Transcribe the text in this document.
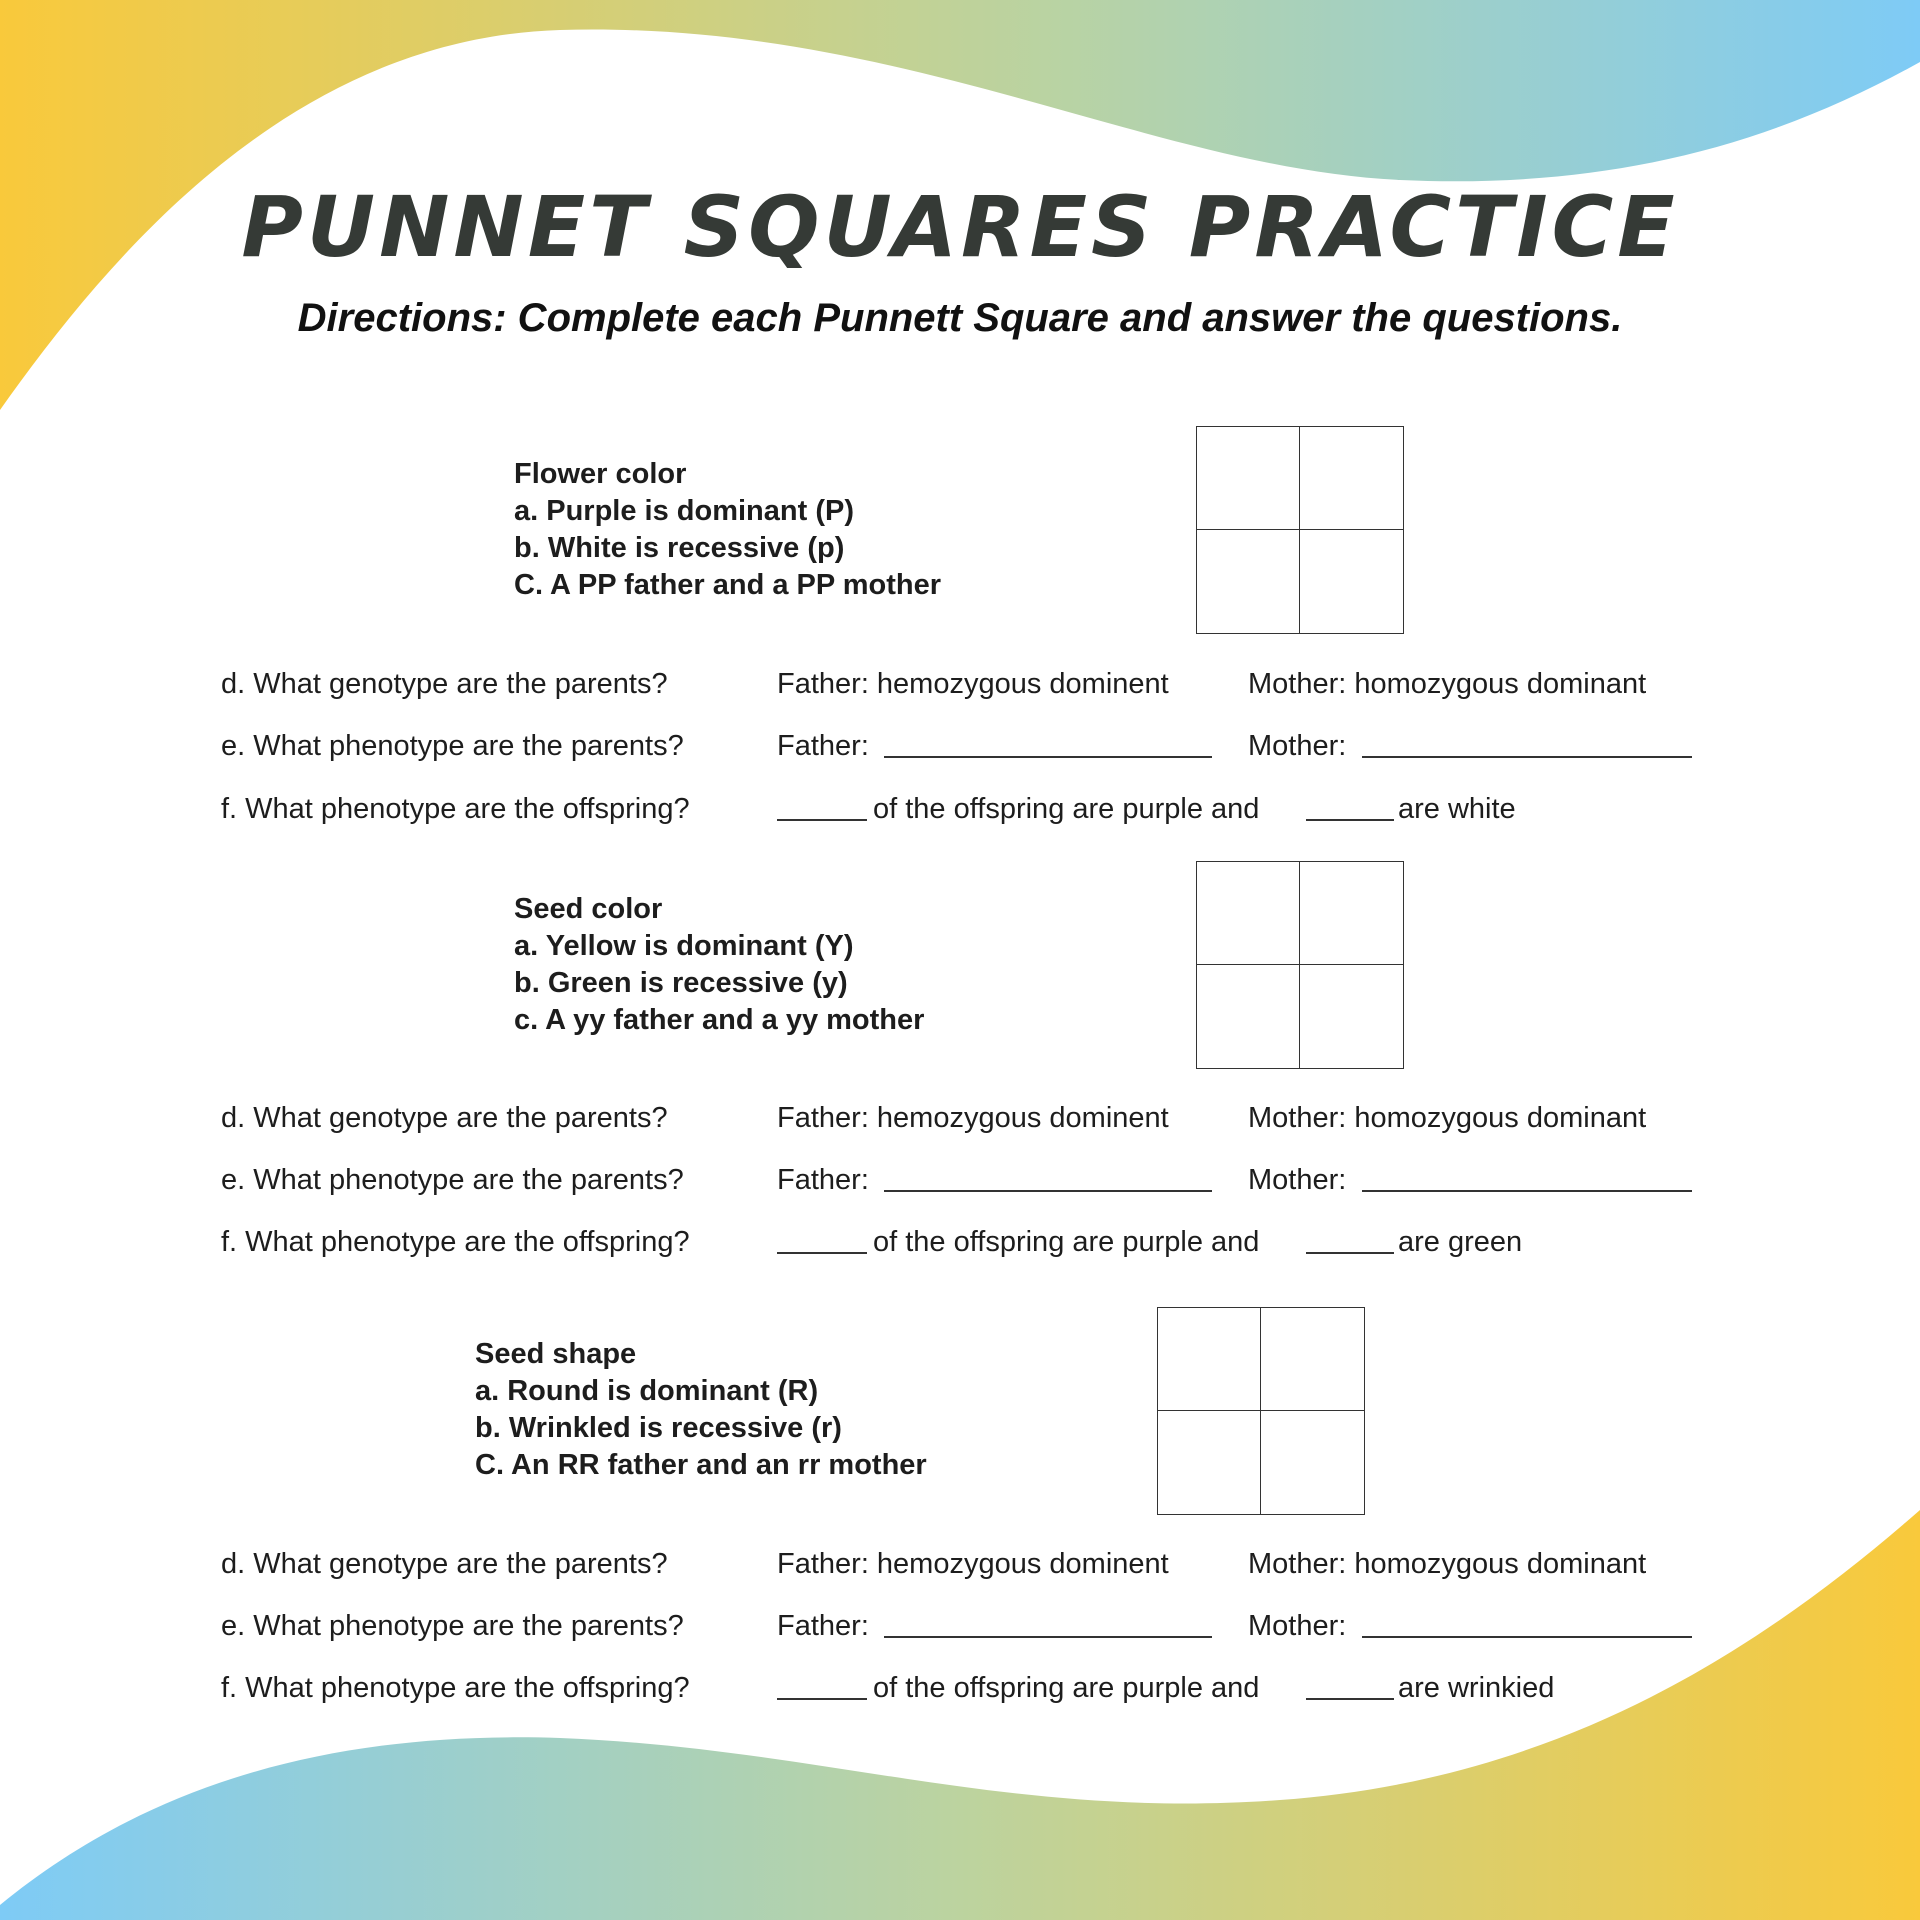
PUNNET SQUARES PRACTICE
Directions: Complete each Punnett Square and answer the questions.
Flower color
a. Purple is dominant (P)
b. White is recessive (p)
C. A PP father and a PP mother
d. What genotype are the parents?	Father: hemozygous dominent	Mother: homozygous dominant
e. What phenotype are the parents?	Father:	Mother:
f. What phenotype are the offspring?	of the offspring are purple and	are white
Seed color
a. Yellow is dominant (Y)
b. Green is recessive (y)
c. A yy father and a yy mother
d. What genotype are the parents?	Father: hemozygous dominent	Mother: homozygous dominant
e. What phenotype are the parents?	Father:	Mother:
f. What phenotype are the offspring?	of the offspring are purple and	are green
Seed shape
a. Round is dominant (R)
b. Wrinkled is recessive (r)
C. An RR father and an rr mother
d. What genotype are the parents?	Father: hemozygous dominent	Mother: homozygous dominant
e. What phenotype are the parents?	Father:	Mother:
f. What phenotype are the offspring?	of the offspring are purple and	are wrinkied
